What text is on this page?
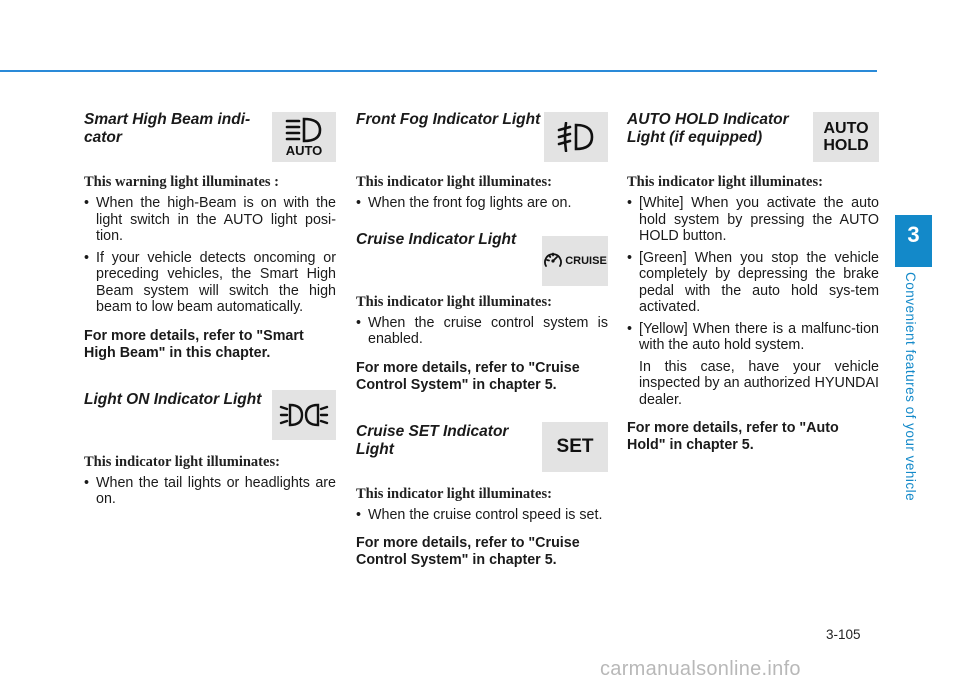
Smart High Beam indi-cator
AUTO
This warning light illuminates :
• When the high-Beam is on with the light switch in the AUTO light posi-tion.
• If your vehicle detects oncoming or preceding vehicles, the Smart High Beam system will switch the high beam to low beam automatically.

For more details, refer to "Smart High Beam" in this chapter.

Light ON Indicator Light
This indicator light illuminates:
• When the tail lights or headlights are on.
Front Fog Indicator Light
This indicator light illuminates:
• When the front fog lights are on.
Cruise Indicator Light
CRUISE
This indicator light illuminates:
• When the cruise control system is enabled.

For more details, refer to "Cruise Control System" in chapter 5.

Cruise SET Indicator Light	SET
This indicator light illuminates:
• When the cruise control speed is set.

For more details, refer to "Cruise Control System" in chapter 5.

AUTO HOLD Indicator Light (if equipped)
AUTO
HOLD
This indicator light illuminates:
• [White] When you activate the auto hold system by pressing the AUTO HOLD button.
• [Green] When you stop the vehicle completely by depressing the brake pedal with the auto hold sys-tem activated.
• [Yellow] When there is a malfunc-tion with the auto hold system.
In this case, have your vehicle inspected by an authorized HYUNDAI dealer.

For more details, refer to "Auto Hold" in chapter 5.

3
Convenient features of your vehicle
3-105
carmanualsonline.info
